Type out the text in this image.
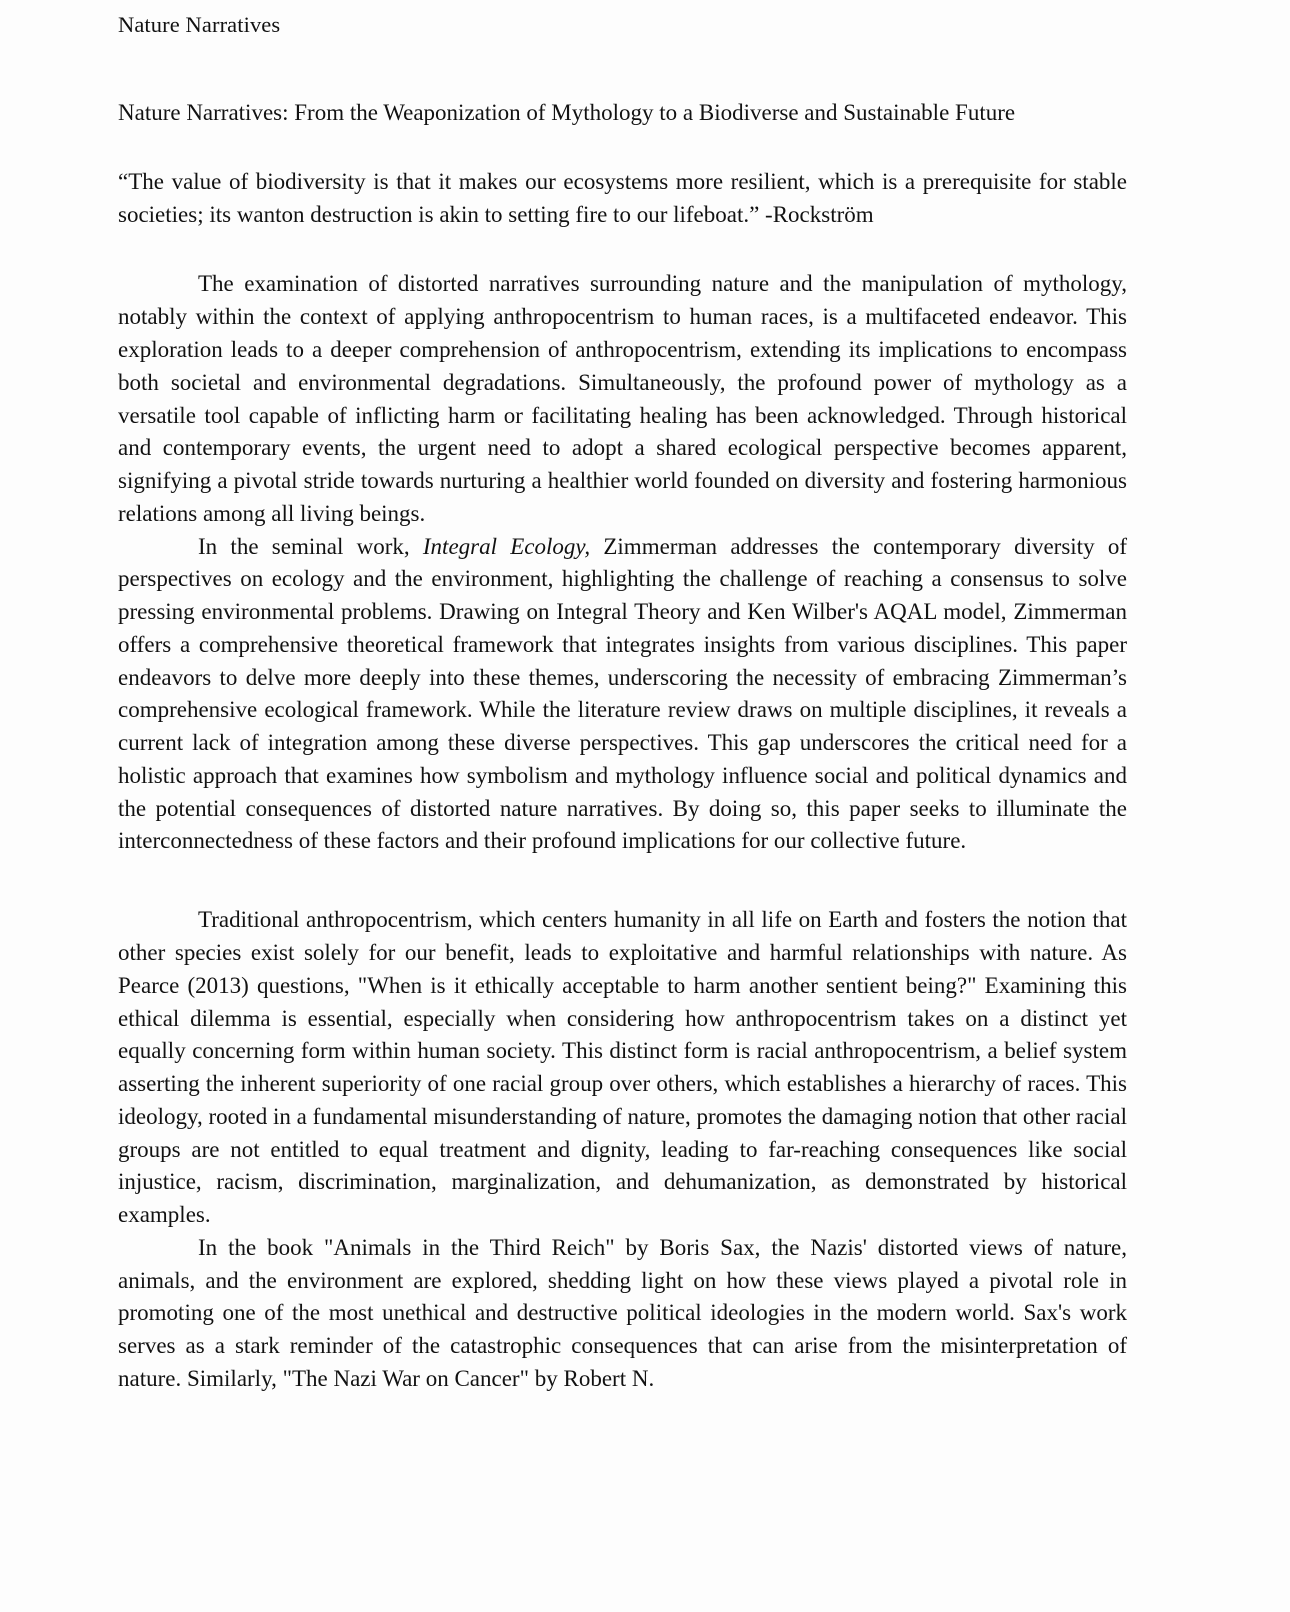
Nature Narratives
Nature Narratives: From the Weaponization of Mythology to a Biodiverse and Sustainable Future
“The value of biodiversity is that it makes our ecosystems more resilient, which is a prerequisite for stable societies; its wanton destruction is akin to setting fire to our lifeboat.” -Rockström

The examination of distorted narratives surrounding nature and the manipulation of mythology, notably within the context of applying anthropocentrism to human races, is a multifaceted endeavor. This exploration leads to a deeper comprehension of anthropocentrism, extending its implications to encompass both societal and environmental degradations. Simultaneously, the profound power of mythology as a versatile tool capable of inflicting harm or facilitating healing has been acknowledged. Through historical and contemporary events, the urgent need to adopt a shared ecological perspective becomes apparent, signifying a pivotal stride towards nurturing a healthier world founded on diversity and fostering harmonious relations among all living beings.

In the seminal work, Integral Ecology, Zimmerman addresses the contemporary diversity of perspectives on ecology and the environment, highlighting the challenge of reaching a consensus to solve pressing environmental problems. Drawing on Integral Theory and Ken Wilber's AQAL model, Zimmerman offers a comprehensive theoretical framework that integrates insights from various disciplines. This paper endeavors to delve more deeply into these themes, underscoring the necessity of embracing Zimmerman’s comprehensive ecological framework. While the literature review draws on multiple disciplines, it reveals a current lack of integration among these diverse perspectives. This gap underscores the critical need for a holistic approach that examines how symbolism and mythology influence social and political dynamics and the potential consequences of distorted nature narratives. By doing so, this paper seeks to illuminate the interconnectedness of these factors and their profound implications for our collective future.

Traditional anthropocentrism, which centers humanity in all life on Earth and fosters the notion that other species exist solely for our benefit, leads to exploitative and harmful relationships with nature. As Pearce (2013) questions, "When is it ethically acceptable to harm another sentient being?" Examining this ethical dilemma is essential, especially when considering how anthropocentrism takes on a distinct yet equally concerning form within human society. This distinct form is racial anthropocentrism, a belief system asserting the inherent superiority of one racial group over others, which establishes a hierarchy of races. This ideology, rooted in a fundamental misunderstanding of nature, promotes the damaging notion that other racial groups are not entitled to equal treatment and dignity, leading to far-reaching consequences like social injustice, racism, discrimination, marginalization, and dehumanization, as demonstrated by historical examples.

In the book "Animals in the Third Reich" by Boris Sax, the Nazis' distorted views of nature, animals, and the environment are explored, shedding light on how these views played a pivotal role in promoting one of the most unethical and destructive political ideologies in the modern world. Sax's work serves as a stark reminder of the catastrophic consequences that can arise from the misinterpretation of nature. Similarly, "The Nazi War on Cancer" by Robert N.
